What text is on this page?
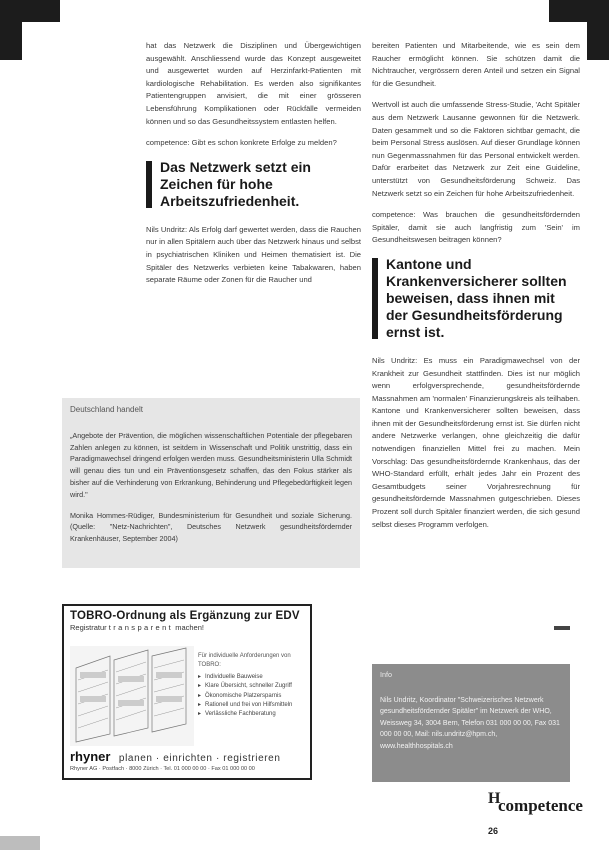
hat das Netzwerk die Disziplinen und Übergewichtigen ausgewählt. Anschliessend wurde das Konzept ausgeweitet und ausgewertet wurden auf Herzinfarkt-Patienten mit kardiologische Rehabilitation. Es werden also signifikantes Patientengruppen anvisiert, die mit einer grösseren Lebensführung Komplikationen oder Rückfälle vermeiden können und so das Gesundheitssystem entlasten helfen.

competence: Gibt es schon konkrete Erfolge zu melden?

Das Netzwerk setzt ein Zeichen für hohe Arbeitszufriedenheit.

Nils Undritz: Als Erfolg darf gewertet werden, dass die Rauchen nur in allen Spitälern auch über das Netzwerk hinaus und selbst in psychiatrischen Kliniken und Heimen thematisiert ist. Die Spitäler des Netzwerks verbieten keine Tabakwaren, haben separate Räume oder Zonen für die Raucher und

bereiten Patienten und Mitarbeitende, wie es sein dem Raucher ermöglicht können. Sie schützen damit die Nichtraucher, vergrössern deren Anteil und setzen ein Signal für die Gesundheit.

Wertvoll ist auch die umfassende Stress-Studie, 'Acht Spitäler aus dem Netzwerk Lausanne gewonnen für die Netzwerk. Daten gesammelt und so die Faktoren sichtbar gemacht, die beim Personal Stress auslösen. Auf dieser Grundlage können nun Gegenmassnahmen für das Personal entwickelt werden. Dafür erarbeitet das Netzwerk zur Zeit eine Guideline, unterstützt von Gesundheitsförderung Schweiz. Das Netzwerk setzt so ein Zeichen für hohe Arbeitszufriedenheit.

competence: Was brauchen die gesundheitsfördernden Spitäler, damit sie auch langfristig zum 'Sein' im Gesundheitswesen beitragen können?

Kantone und Krankenversicherer sollten beweisen, dass ihnen mit der Gesundheitsförderung ernst ist.

Nils Undritz: Es muss ein Paradigmawechsel von der Krankheit zur Gesundheit stattfinden. Dies ist nur möglich wenn erfolgversprechende, gesundheitsfördernde Massnahmen am 'normalen' Finanzierungskreis als teilhaben. Kantone und Krankenversicherer sollten beweisen, dass ihnen mit der Gesundheitsförderung ernst ist. Sie dürfen nicht andere Netzwerke verlangen, ohne gleichzeitig die dafür notwendigen finanziellen Mittel frei zu machen. Mein Vorschlag: Das gesundheitsfördernde Krankenhaus, das der WHO-Standard erfüllt, erhält jedes Jahr ein Prozent des Gesamtbudgets seiner Vorjahresrechnung für gesundheitsfördernde Massnahmen gutgeschrieben. Dieses Prozent soll durch Spitäler finanziert werden, die sich gesund selbst dieses Programm verfolgen.

Deutschland handelt

„Angebote der Prävention, die möglichen wissenschaftlichen Potentiale der pflegebaren Zahlen anlegen zu können, ist seitdem in Wissenschaft und Politik unstrittig, dass ein Paradigmawechsel dringend erfolgen werden muss. Gesundheitsministerin Ulla Schmidt will genau dies tun und ein Präventionsgesetz schaffen, das den Fokus stärker als bisher auf die Verhinderung von Erkrankung, Behinderung und Pflegebedürftigkeit legen wird."

Monika Hommes-Rüdiger, Bundesministerium für Gesundheit und soziale Sicherung. (Quelle: "Netz-Nachrichten", Deutsches Netzwerk gesundheitsfördernder Krankenhäuser, September 2004)

TOBRO-Ordnung als Ergänzung zur EDV
Registratur transparent machen!
Für individuelle Anforderungen von TOBRO:
▸ Individuelle Bauweise
▸ Klare Übersicht, schneller Zugriff
▸ Ökonomische Platzersparnis
▸ Rationell und frei von Hilfsmitteln
▸ Verlässliche Fachberatung
rhyner planen · einrichten · registrieren
Rhyner AG · Postfach · 8000 Zürich · Tel. 01 000 00 00 · Fax 01 000 00 00
Info
Nils Undritz, Koordinator "Schweizerisches Netzwerk gesundheitsfördernder Spitäler" im Netzwerk der WHO, Weissweg 34, 3004 Bern, Telefon 031 000 00 00, Fax 031 000 00 00, Mail: nils.undritz@hpm.ch, www.healthhospitals.ch
H
competence
26
